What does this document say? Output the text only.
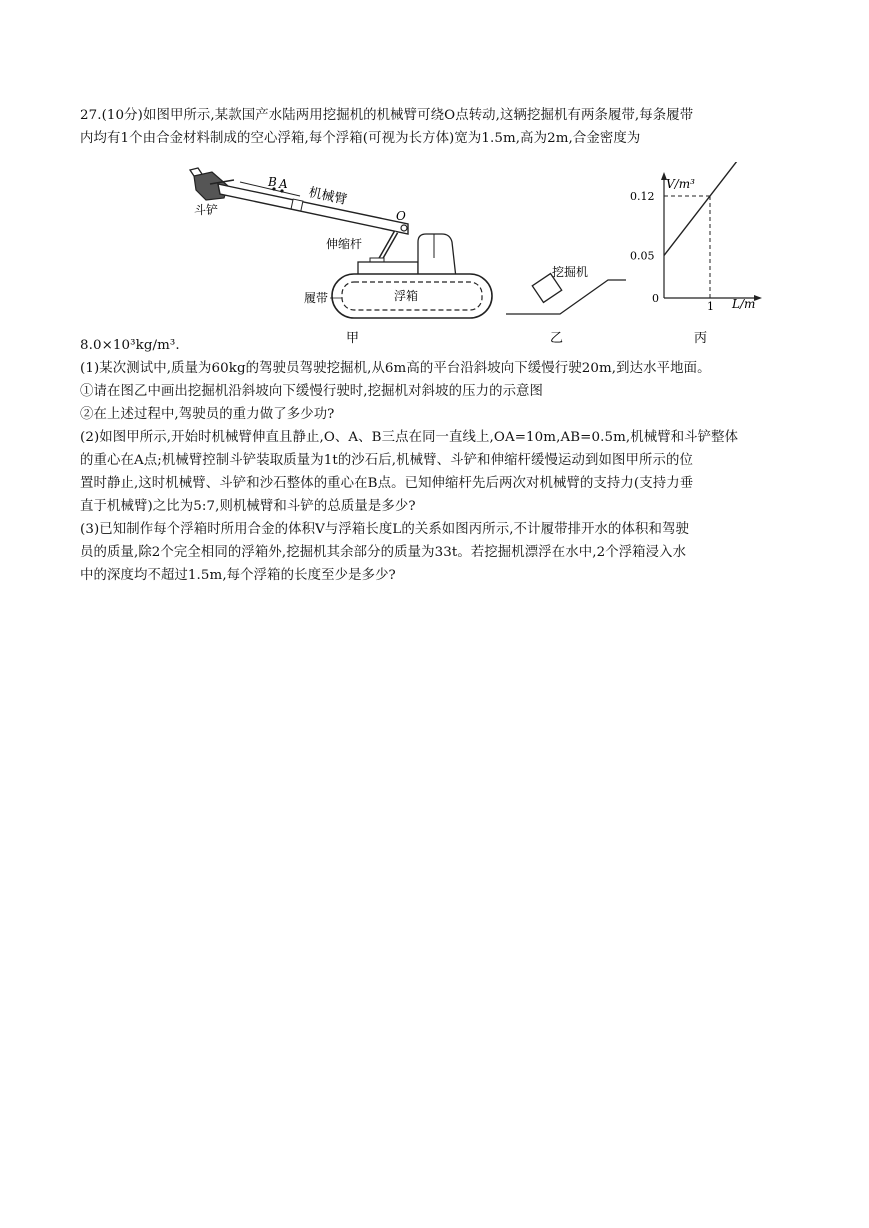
27.(10分)如图甲所示,某款国产水陆两用挖掘机的机械臂可绕O点转动,这辆挖掘机有两条履带,每条履带
内均有1个由合金材料制成的空心浮箱,每个浮箱(可视为长方体)宽为1.5m,高为2m,合金密度为
斗铲
B A
机械臂
O
伸缩杆
履带	浮箱
甲
挖掘机
乙
V/m³
L/m
0
0.12
0.05
1
丙
8.0×10³kg/m³.
(1)某次测试中,质量为60kg的驾驶员驾驶挖掘机,从6m高的平台沿斜坡向下缓慢行驶20m,到达水平地面。
①请在图乙中画出挖掘机沿斜坡向下缓慢行驶时,挖掘机对斜坡的压力的示意图
②在上述过程中,驾驶员的重力做了多少功?
(2)如图甲所示,开始时机械臂伸直且静止,O、A、B三点在同一直线上,OA=10m,AB=0.5m,机械臂和斗铲整体
的重心在A点;机械臂控制斗铲装取质量为1t的沙石后,机械臂、斗铲和伸缩杆缓慢运动到如图甲所示的位
置时静止,这时机械臂、斗铲和沙石整体的重心在B点。已知伸缩杆先后两次对机械臂的支持力(支持力垂
直于机械臂)之比为5:7,则机械臂和斗铲的总质量是多少?
(3)已知制作每个浮箱时所用合金的体积V与浮箱长度L的关系如图丙所示,不计履带排开水的体积和驾驶
员的质量,除2个完全相同的浮箱外,挖掘机其余部分的质量为33t。若挖掘机漂浮在水中,2个浮箱浸入水
中的深度均不超过1.5m,每个浮箱的长度至少是多少?
